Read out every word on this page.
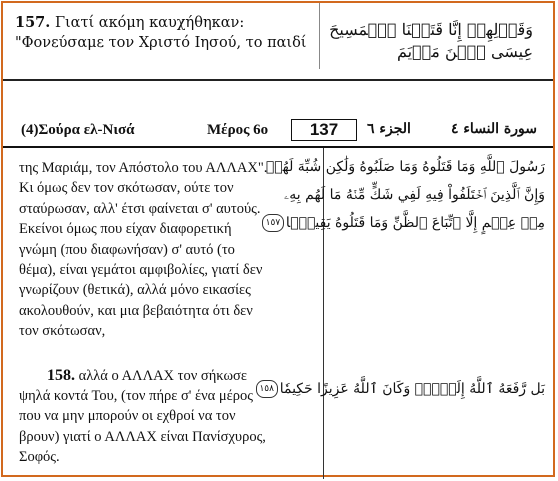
157. Γιατί ακόμη καυχήθηκαν:
"Φονεύσαμε τον Χριστό Ιησού, το παιδί
وَقَوۡلِهِمۡ إِنَّا قَتَلۡنَا ٱلۡمَسِيحَ عِيسَى ٱبۡنَ مَرۡيَمَ
(4)Σούρα ελ-Νισά	Μέρος 6ο	137	الجزء ٦	سورة النساء ٤
της Μαριάμ, τον Απόστολο του ΑΛΛΑΧ".
Κι όμως δεν τον σκότωσαν, ούτε τον
σταύρωσαν, αλλ' έτσι φαίνεται σ' αυτούς.
Εκείνοι όμως που είχαν διαφορετική
γνώμη (που διαφωνήσαν) σ' αυτό (το
θέμα), είναι γεμάτοι αμφιβολίες, γιατί δεν
γνωρίζουν (θετικά), αλλά μόνο εικασίες
ακολουθούν, και μια βεβαιότητα ότι δεν
τον σκότωσαν,
158. αλλά ο ΑΛΛΑΧ τον σήκωσε
ψηλά κοντά Του, (τον πήρε σ' ένα μέρος
που να μην μπορούν οι εχθροί να τον
βρουν) γιατί ο ΑΛΛΑΧ είναι Πανίσχυρος,
Σοφός.
رَسُولَ ٱللَّهِ وَمَا قَتَلُوهُ وَمَا صَلَبُوهُ وَلَٰكِن شُبِّهَ لَهُمۡ
وَإِنَّ ٱلَّذِينَ ٱخۡتَلَفُواْ فِيهِ لَفِي شَكٍّ مِّنۡهُ مَا لَهُم بِهِۦ
مِنۡ عِلۡمٍ إِلَّا ٱتِّبَاعَ ٱلظَّنِّ وَمَا قَتَلُوهُ يَقِينَۢا١٥٧
بَل رَّفَعَهُ ٱللَّهُ إِلَيۡهِۚ وَكَانَ ٱللَّهُ عَزِيزًا حَكِيمٗا١٥٨
